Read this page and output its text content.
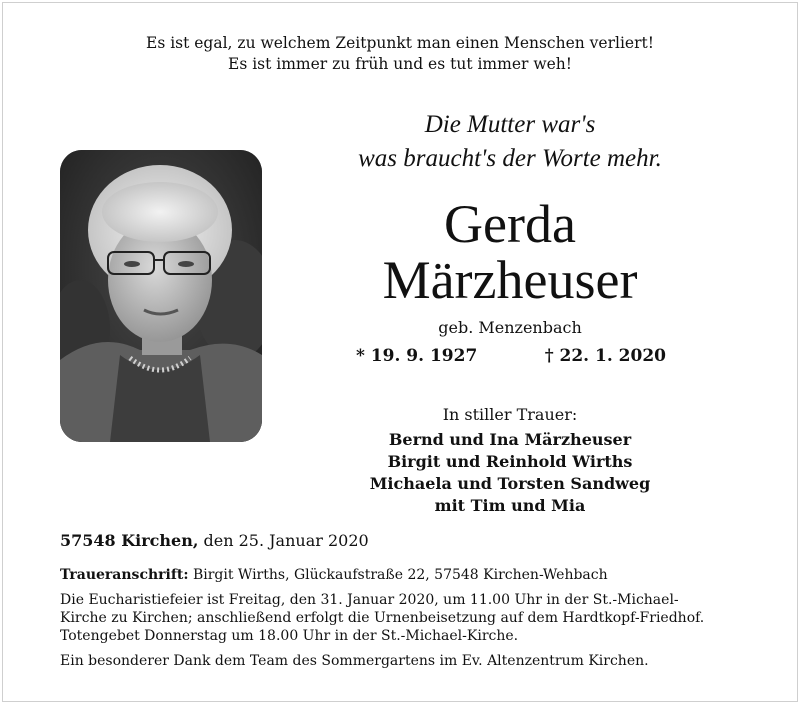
Es ist egal, zu welchem Zeitpunkt man einen Menschen verliert!
Es ist immer zu früh und es tut immer weh!
Die Mutter war's
was braucht's der Worte mehr.
Gerda
Märzheuser
geb. Menzenbach
* 19. 9. 1927	† 22. 1. 2020
In stiller Trauer:
Bernd und Ina Märzheuser
Birgit und Reinhold Wirths
Michaela und Torsten Sandweg
mit Tim und Mia
57548 Kirchen, den 25. Januar 2020
Traueranschrift: Birgit Wirths, Glückaufstraße 22, 57548 Kirchen-Wehbach
Die Eucharistiefeier ist Freitag, den 31. Januar 2020, um 11.00 Uhr in der St.-Michael-
Kirche zu Kirchen; anschließend erfolgt die Urnenbeisetzung auf dem Hardtkopf-Friedhof.
Totengebet Donnerstag um 18.00 Uhr in der St.-Michael-Kirche.
Ein besonderer Dank dem Team des Sommergartens im Ev. Altenzentrum Kirchen.
